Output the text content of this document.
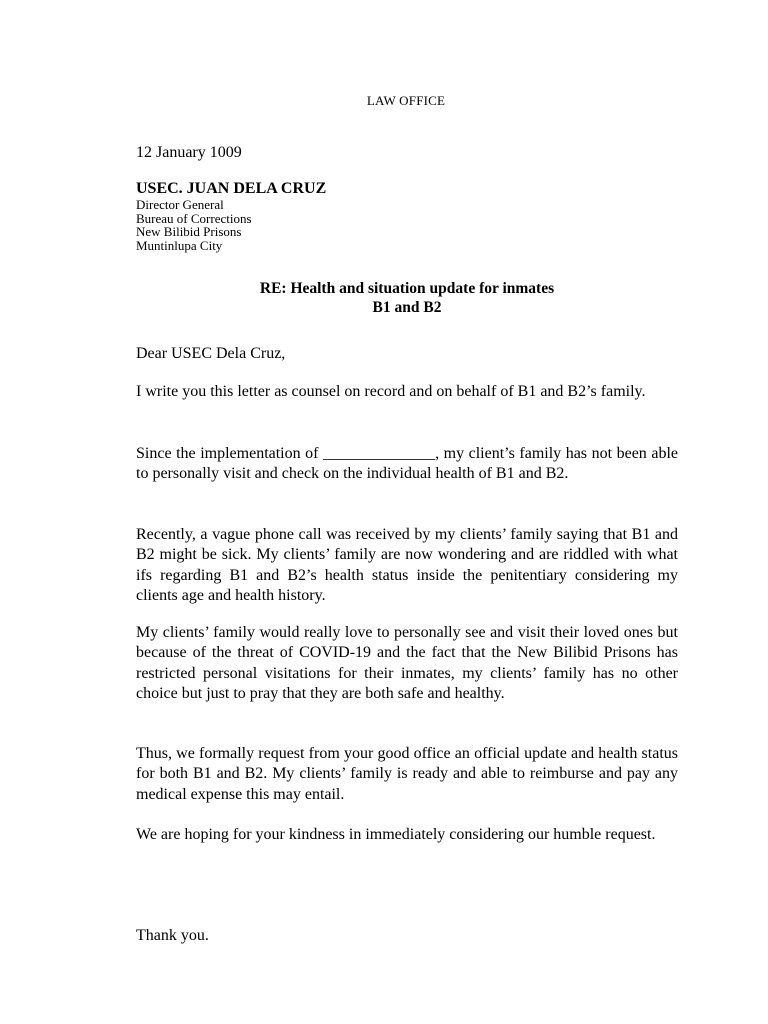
LAW OFFICE
12 January 1009
USEC. JUAN DELA CRUZ
Director General
Bureau of Corrections
New Bilibid Prisons
Muntinlupa City
RE: Health and situation update for inmates
B1 and B2
Dear USEC Dela Cruz,

I write you this letter as counsel on record and on behalf of B1 and B2’s family.

Since the implementation of ______________, my client’s family has not been able to personally visit and check on the individual health of B1 and B2.

Recently, a vague phone call was received by my clients’ family saying that B1 and B2 might be sick. My clients’ family are now wondering and are riddled with what ifs regarding B1 and B2’s health status inside the penitentiary considering my clients age and health history.

My clients’ family would really love to personally see and visit their loved ones but because of the threat of COVID-19 and the fact that the New Bilibid Prisons has restricted personal visitations for their inmates, my clients’ family has no other choice but just to pray that they are both safe and healthy.

Thus, we formally request from your good office an official update and health status for both B1 and B2. My clients’ family is ready and able to reimburse and pay any medical expense this may entail.

We are hoping for your kindness in immediately considering our humble request.

Thank you.
